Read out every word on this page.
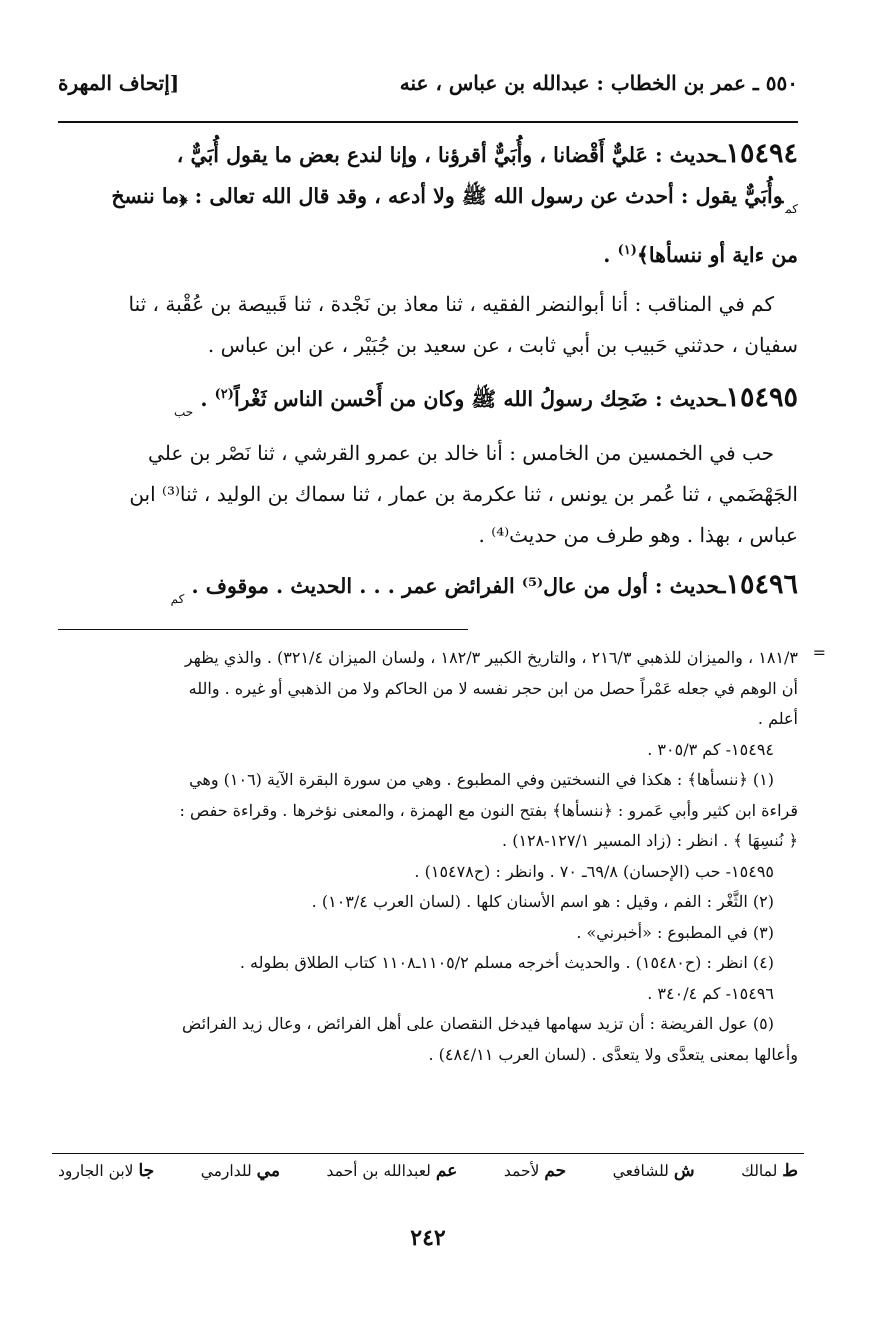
٥٥٠ ـ عمر بن الخطاب : عبدالله بن عباس ، عنه
[إتحاف المهرة

١٥٤٩٤ـحديث : عَليٌّ أَقْضانا ، وأُبَيٌّ أقرؤنا ، وإنا لندع بعض ما يقول أُبَيٌّ ،
$_{كم}$وأُبَيٌّ يقول : أحدث عن رسول الله ﷺ ولا أدعه ، وقد قال الله تعالى : ﴿ما ننسخ
من ءاية أو ننسأها﴾$^{(١)}$ .

كم في المناقب : أنا أبوالنضر الفقيه ، ثنا معاذ بن نَجْدة ، ثنا قَبيصة بن عُقْبة ، ثنا
سفيان ، حدثني حَبيب بن أبي ثابت ، عن سعيد بن جُبَيْر ، عن ابن عباس .

١٥٤٩٥ـحديث : ضَحِك رسولُ الله ﷺ وكان من أَحْسن الناس ثَغْراً$^{(٢)}$ . $_{حب}$

حب في الخمسين من الخامس : أنا خالد بن عمرو القرشي ، ثنا نَصْر بن علي
الجَهْضَمي ، ثنا عُمر بن يونس ، ثنا عكرمة بن عمار ، ثنا سماك بن الوليد ، ثنا⁽³⁾ ابن
عباس ، بهذا . وهو طرف من حديث⁽⁴⁾ .

١٥٤٩٦ـحديث : أول من عال⁽⁵⁾ الفرائض عمر . . . الحديث . موقوف . $_{كم}$

=

١٨١/٣ ، والميزان للذهبي ٢١٦/٣ ، والتاريخ الكبير ١٨٢/٣ ، ولسان الميزان ٣٢١/٤) . والذي يظهر

أن الوهم في جعله عَمْراً حصل من ابن حجر نفسه لا من الحاكم ولا من الذهبي أو غيره . والله

أعلم .

١٥٤٩٤- كم ٣٠٥/٣ .

(١) ﴿ننسأها﴾ : هكذا في النسختين وفي المطبوع . وهي من سورة البقرة الآية (١٠٦) وهي

قراءة ابن كثير وأبي عَمرو : ﴿ننسأها﴾ بفتح النون مع الهمزة ، والمعنى نؤخرها . وقراءة حفص :

﴿ نُنسِهَا ﴾ . انظر : (زاد المسير ١٢٧/١-١٢٨) .

١٥٤٩٥- حب (الإحسان) ٦٩/٨ـ ٧٠ . وانظر : (ح١٥٤٧٨) .

(٢) الثَّغْر : الفم ، وقيل : هو اسم الأسنان كلها . (لسان العرب ١٠٣/٤) .

(٣) في المطبوع : «أخبرني» .

(٤) انظر : (ح١٥٤٨٠) . والحديث أخرجه مسلم ١١٠٥/٢ـ١١٠٨ كتاب الطلاق بطوله .

١٥٤٩٦- كم ٣٤٠/٤ .

(٥) عول الفريضة : أن تزيد سهامها فيدخل النقصان على أهل الفرائض ، وعال زيد الفرائض

وأعالها بمعنى يتعدَّى ولا يتعدَّى . (لسان العرب ٤٨٤/١١) .

ط لمالك
ش للشافعي
حم لأحمد
عم لعبدالله بن أحمد
مي للدارمي
جا لابن الجارود
٢٤٢
